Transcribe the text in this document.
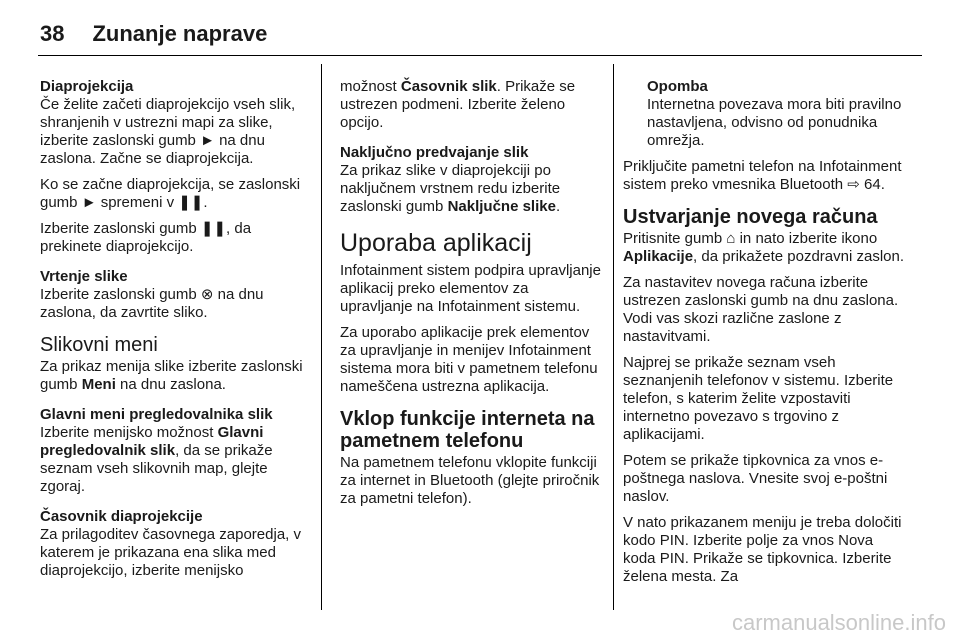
38 Zunanje naprave

Diaprojekcija

Če želite začeti diaprojekcijo vseh slik, shranjenih v ustrezni mapi za slike, izberite zaslonski gumb ► na dnu zaslona. Začne se diaprojekcija.

Ko se začne diaprojekcija, se zaslonski gumb ► spremeni v ❚❚.

Izberite zaslonski gumb ❚❚, da prekinete diaprojekcijo.

Vrtenje slike

Izberite zaslonski gumb ⊗ na dnu zaslona, da zavrtite sliko.

Slikovni meni

Za prikaz menija slike izberite zaslonski gumb Meni na dnu zaslona.

Glavni meni pregledovalnika slik

Izberite menijsko možnost Glavni pregledovalnik slik, da se prikaže seznam vseh slikovnih map, glejte zgoraj.

Časovnik diaprojekcije

Za prilagoditev časovnega zaporedja, v katerem je prikazana ena slika med diaprojekcijo, izberite menijsko

možnost Časovnik slik. Prikaže se ustrezen podmeni. Izberite želeno opcijo.

Naključno predvajanje slik

Za prikaz slike v diaprojekciji po naključnem vrstnem redu izberite zaslonski gumb Naključne slike.

Uporaba aplikacij

Infotainment sistem podpira upravljanje aplikacij preko elementov za upravljanje na Infotainment sistemu.

Za uporabo aplikacije prek elementov za upravljanje in menijev Infotainment sistema mora biti v pametnem telefonu nameščena ustrezna aplikacija.

Vklop funkcije interneta na pametnem telefonu

Na pametnem telefonu vklopite funkciji za internet in Bluetooth (glejte priročnik za pametni telefon).

Opomba

Internetna povezava mora biti pravilno nastavljena, odvisno od ponudnika omrežja.

Priključite pametni telefon na Infotainment sistem preko vmesnika Bluetooth ⇨ 64.

Ustvarjanje novega računa

Pritisnite gumb ⌂ in nato izberite ikono Aplikacije, da prikažete pozdravni zaslon.

Za nastavitev novega računa izberite ustrezen zaslonski gumb na dnu zaslona. Vodi vas skozi različne zaslone z nastavitvami.

Najprej se prikaže seznam vseh seznanjenih telefonov v sistemu. Izberite telefon, s katerim želite vzpostaviti internetno povezavo s trgovino z aplikacijami.

Potem se prikaže tipkovnica za vnos e-poštnega naslova. Vnesite svoj e-poštni naslov.

V nato prikazanem meniju je treba določiti kodo PIN. Izberite polje za vnos Nova koda PIN. Prikaže se tipkovnica. Izberite želena mesta. Za

carmanualsonline.info
